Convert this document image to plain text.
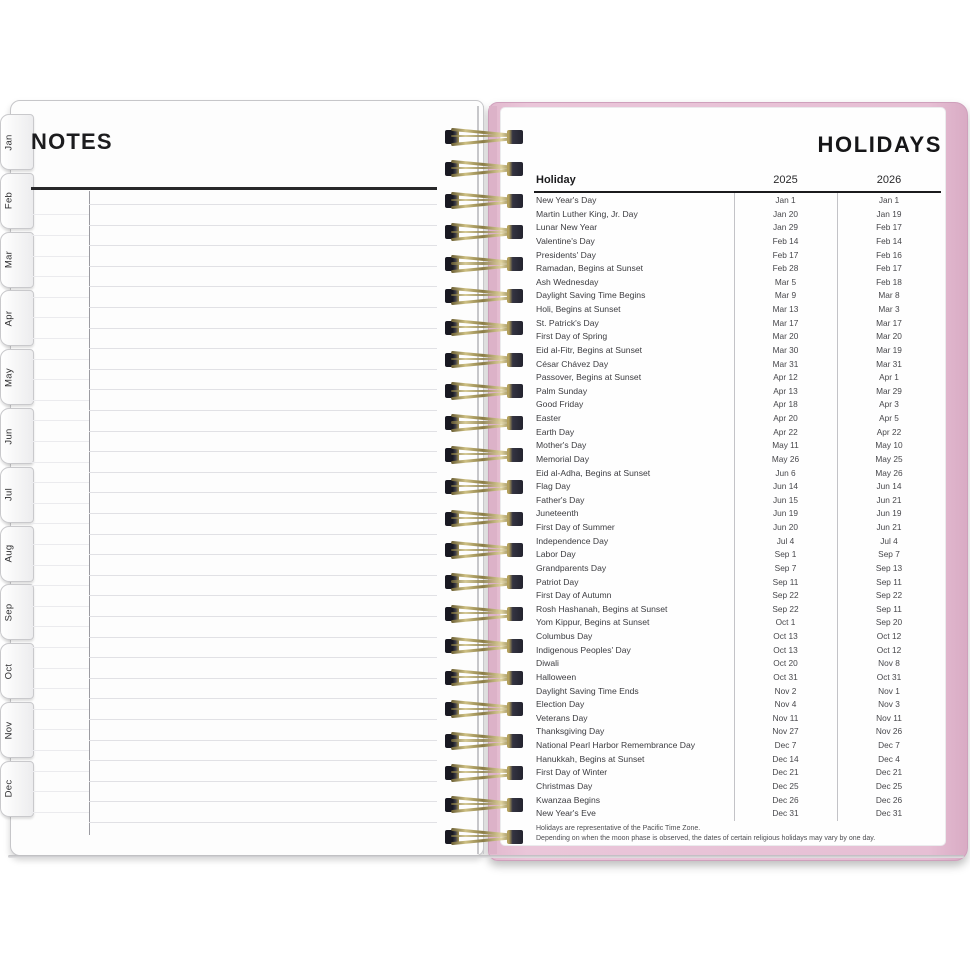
Jan
Feb
Mar
Apr
May
Jun
Jul
Aug
Sep
Oct
Nov
Dec
NOTES	HOLIDAYS
Holiday	2025	2026
New Year's Day	Jan 1	Jan 1
Martin Luther King, Jr. Day	Jan 20	Jan 19
Lunar New Year	Jan 29	Feb 17
Valentine's Day	Feb 14	Feb 14
Presidents' Day	Feb 17	Feb 16
Ramadan, Begins at Sunset	Feb 28	Feb 17
Ash Wednesday	Mar 5	Feb 18
Daylight Saving Time Begins	Mar 9	Mar 8
Holi, Begins at Sunset	Mar 13	Mar 3
St. Patrick's Day	Mar 17	Mar 17
First Day of Spring	Mar 20	Mar 20
Eid al-Fitr, Begins at Sunset	Mar 30	Mar 19
César Chávez Day	Mar 31	Mar 31
Passover, Begins at Sunset	Apr 12	Apr 1
Palm Sunday	Apr 13	Mar 29
Good Friday	Apr 18	Apr 3
Easter	Apr 20	Apr 5
Earth Day	Apr 22	Apr 22
Mother's Day	May 11	May 10
Memorial Day	May 26	May 25
Eid al-Adha, Begins at Sunset	Jun 6	May 26
Flag Day	Jun 14	Jun 14
Father's Day	Jun 15	Jun 21
Juneteenth	Jun 19	Jun 19
First Day of Summer	Jun 20	Jun 21
Independence Day	Jul 4	Jul 4
Labor Day	Sep 1	Sep 7
Grandparents Day	Sep 7	Sep 13
Patriot Day	Sep 11	Sep 11
First Day of Autumn	Sep 22	Sep 22
Rosh Hashanah, Begins at Sunset	Sep 22	Sep 11
Yom Kippur, Begins at Sunset	Oct 1	Sep 20
Columbus Day	Oct 13	Oct 12
Indigenous Peoples' Day	Oct 13	Oct 12
Diwali	Oct 20	Nov 8
Halloween	Oct 31	Oct 31
Daylight Saving Time Ends	Nov 2	Nov 1
Election Day	Nov 4	Nov 3
Veterans Day	Nov 11	Nov 11
Thanksgiving Day	Nov 27	Nov 26
National Pearl Harbor Remembrance Day	Dec 7	Dec 7
Hanukkah, Begins at Sunset	Dec 14	Dec 4
First Day of Winter	Dec 21	Dec 21
Christmas Day	Dec 25	Dec 25
Kwanzaa Begins	Dec 26	Dec 26
New Year's Eve	Dec 31	Dec 31
Holidays are representative of the Pacific Time Zone.
Depending on when the moon phase is observed, the dates of certain religious holidays may vary by one day.
